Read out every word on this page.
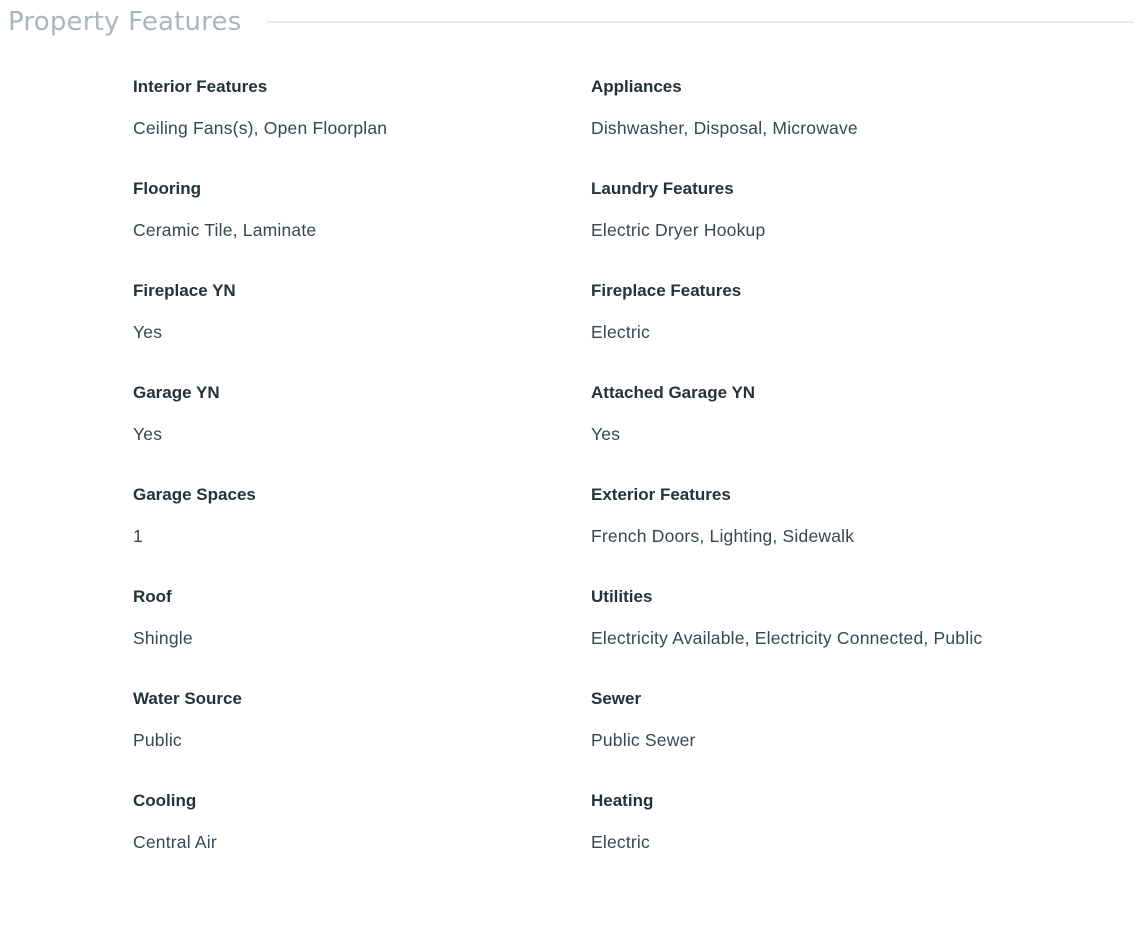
Property Features
Interior Features
Ceiling Fans(s), Open Floorplan
Appliances
Dishwasher, Disposal, Microwave
Flooring
Ceramic Tile, Laminate
Laundry Features
Electric Dryer Hookup
Fireplace YN
Yes
Fireplace Features
Electric
Garage YN
Yes
Attached Garage YN
Yes
Garage Spaces
1
Exterior Features
French Doors, Lighting, Sidewalk
Roof
Shingle
Utilities
Electricity Available, Electricity Connected, Public
Water Source
Public
Sewer
Public Sewer
Cooling
Central Air
Heating
Electric
